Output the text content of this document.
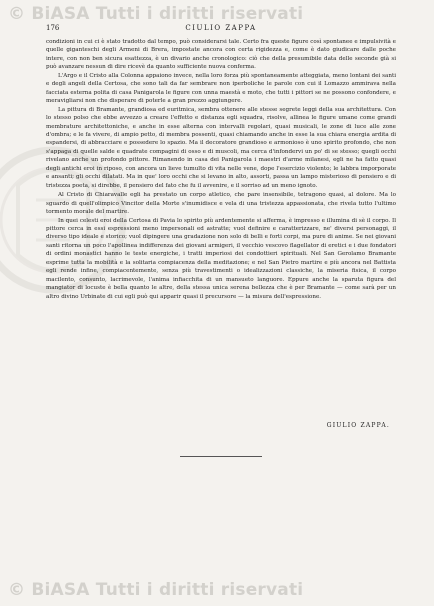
© BiASA Tutti i diritti riservati
176	CIULIO ZAPPA

condizioni in cui ci è stato tradotto dal tempo, può considerarsi tale. Certo fra queste figure così spontanee e impulsività e quelle giganteschi degli Armeni di Brera, impostate ancora con certa rigidezza e, come è dato giudicare dalle poche intere, con non ben sicura esattezza, è un divario anche cronologico: ciò che della presumibile data delle seconde già si può avanzare nessun di dire ricevè da quanto sufficiente nuova conferma.

L'Argo e il Cristo alla Colonna appaiono invece, nella loro forza più spontaneamente atteggiata, meno lontani dei santi e degli angeli della Certosa, che sono tali da far sembrare non iperboliche le parole con cui il Lomazzo ammirava nella facciata esterna polita di casa Panigarola le figure con unna maestà e moto, che tutti i pittori se ne possono confondere, e meravigliarsi non che disperare di poterle a gran prezzo aggiungere.

La pittura di Bramante, grandiosa ed euritmica, sembra ottenere alle stesse segrete leggi della sua architettura. Con lo stesso polso che ebbe avvezzo a creare l'effetto e distanza egli squadra, risolve, allinea le figure umane come grandi membrature architettoniche, e anche in esse alterna con intervalli regolari, quasi musicali, le zone di luce alle zone d'ombra; e le fa vivere, di ampio petto, di membra possenti, quasi chiamando anche in esse la sua chiara energia ardita di espandersi, di abbracciare e possedere lo spazio. Ma il decoratore grandioso e armonioso è uno spirito profondo, che non s'appaga di quelle salde e quadrate compagini di osso e di muscoli, ma cerca d'infondervi un po' di se stesso; quegli occhi rivelano anche un profondo pittore. Rimanendo in casa dei Panigarola i maestri d'arme milanesi, egli ne ha fatto quasi degli antichi eroi in riposo, con ancora un lieve tumulto di vita nelle vene, dope l'esercizio violento; le labbra imporporate e ansanti; gli occhi dilatati. Ma in que' loro occhi che si levano in alto, assorti, passa un lampo misterioso di pensiero e di tristezza poeta, si direbbe, il pensiero del fato che fu il avvenire, e il sorriso ad un meno ignoto.

Al Cristo di Chiaravalle egli ha prestato un corpo atletico, che pare insensibile, tetragono quasi, al dolore. Ma lo sguardo di quell'olimpico Vincitor della Morte s'inumidisce e vela di una tristezza appassionata, che rivela tutto l'ultimo tormento morale del martire.

In quei celesti eroi della Certosa di Pavia lo spirito più ardentemente si afferma, è impresso e illumina di sè il corpo. Il pittore cerca in essi espressioni meno impersonali ed astratte; vuol definire e caratterizzare, ne' diversi personaggi, il diverso tipo ideale e storico; vuol dipingere una gradazione non solo di belli e forti corpi, ma pure di anime. Se nei giovani santi ritorna un poco l'apollinea indifferenza dei giovani armigeri, il vecchio vescovo flagellator di eretici e i due fondatori di ordini monastici hanno le teste energiche, i tratti imperiosi dei condottieri spirituali. Nel San Gerolamo Bramante esprime tutta la mobilità e la solitaria compiacenza della meditazione; e nel San Pietro martire e più ancora nel Battista egli rende infine, compiacentemente, senza più travestimenti o idealizzazioni classiche, la miseria fisica, il corpo macilento, consunto, lacrimevole, l'anima infiacchita di un mansueto languore. Eppure anche la sparuta figura del mangiator di locuste è bella quanto le altre, della stessa unica serena bellezza che è per Bramante — come sarà per un altro divino Urbinate di cui egli può qui apparir quasi il precursore — la misura dell'espressione.

GIULIO ZAPPA.
© BiASA Tutti i diritti riservati
